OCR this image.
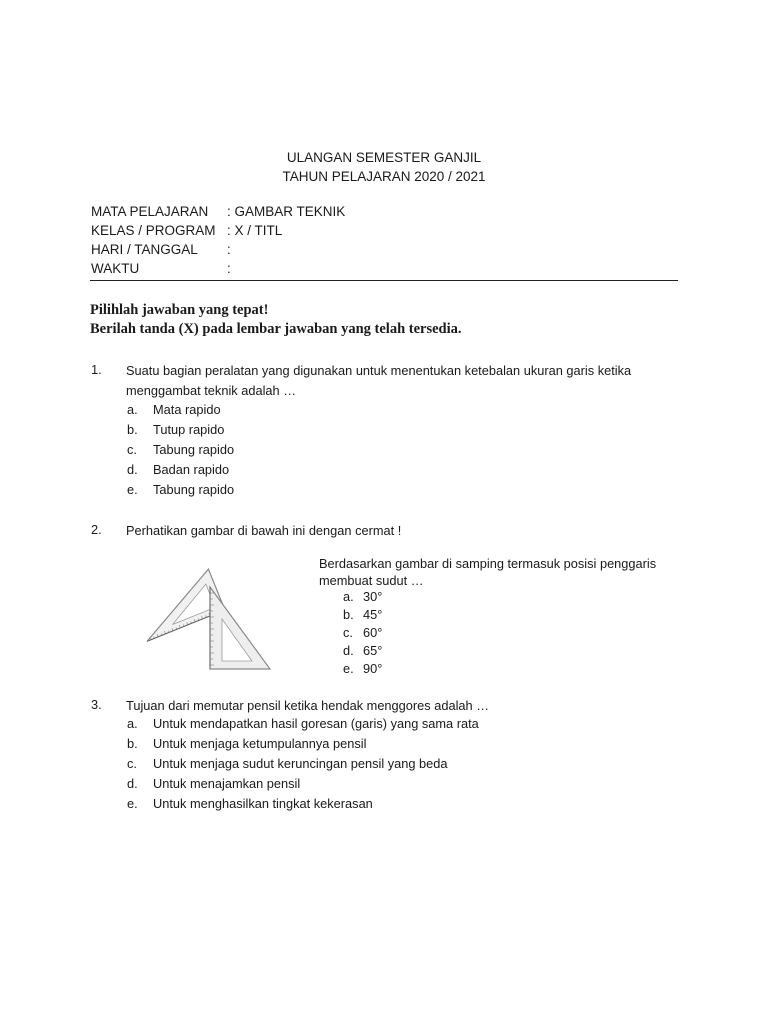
ULANGAN SEMESTER GANJIL
TAHUN PELAJARAN 2020 / 2021
MATA PELAJARAN : GAMBAR TEKNIK
KELAS / PROGRAM : X / TITL
HARI / TANGGAL :
WAKTU	:
Pilihlah jawaban yang tepat!
Berilah tanda (X) pada lembar jawaban yang telah tersedia.
1. Suatu bagian peralatan yang digunakan untuk menentukan ketebalan ukuran garis ketika menggambat teknik adalah …
a. Mata rapido
b. Tutup rapido
c. Tabung rapido
d. Badan rapido
e. Tabung rapido
2. Perhatikan gambar di bawah ini dengan cermat !
Berdasarkan gambar di samping termasuk posisi penggaris membuat sudut …
a. 30°
b. 45°
c. 60°
d. 65°
e. 90°
3. Tujuan dari memutar pensil ketika hendak menggores adalah …
a. Untuk mendapatkan hasil goresan (garis) yang sama rata
b. Untuk menjaga ketumpulannya pensil
c. Untuk menjaga sudut keruncingan pensil yang beda
d. Untuk menajamkan pensil
e. Untuk menghasilkan tingkat kekerasan
